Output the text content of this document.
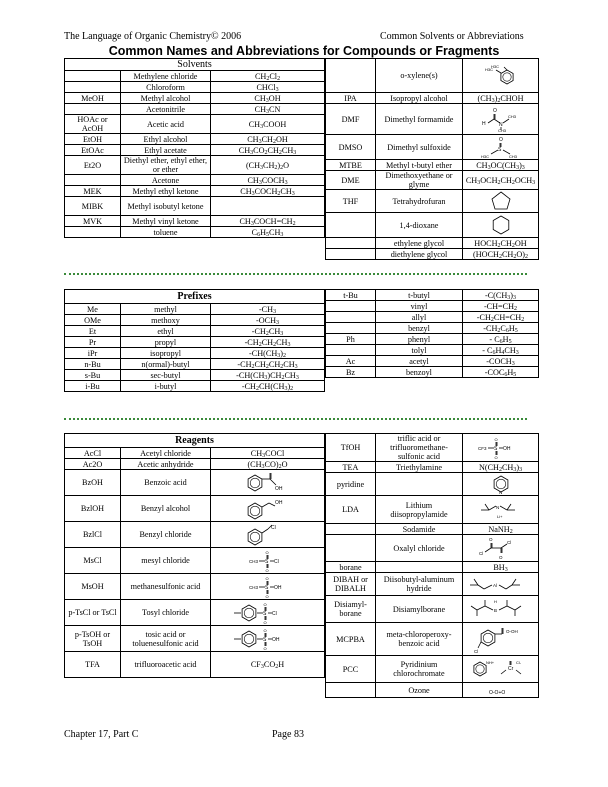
The Language of Organic Chemistry© 2006	Common Solvents or Abbreviations
Common Names and Abbreviations for Compounds or Fragments
Solvents		
	Methylene chloride	$CH_2Cl_2$
	Chloroform	CHCl$_3$
MeOH	Methyl alcohol	$CH_3OH$
	Acetonitrile	$CH_3CN$
HOAc or AcOH	Acetic acid	$CH_3COOH$
EtOH	Ethyl alcohol	$CH_3CH_2OH$
EtOAc	Ethyl acetate	$CH_3CO_2CH_2CH_3$
Et2O	Diethyl ether, ethyl ether, or ether	$(CH_3CH_2)_2O$
	Acetone	$CH_3COCH_3$
MEK	Methyl ethyl ketone	$CH_3COCH_2CH_3$
MIBK	Methyl isobutyl ketone	
MVK	Methyl vinyl ketone	$CH_3COCH=CH_2$
	toluene	$C_6H_5CH_3$
	o-xylene(s)	H3C
H3C

IPA	Isopropyl alcohol	$(CH_3)_2CHOH$
DMF	Dimethyl formamide	O
H N
CH3
CH3

DMSO	Dimethyl sulfoxide	O
S
H3C CH3

MTBE	Methyl t-butyl ether	$CH_3OC(CH_3)_3$
DME	Dimethoxyethane or glyme	$CH_3OCH_2CH_2OCH_3$
THF	Tetrahydrofuran	

	1,4-dioxane	

	ethylene glycol	$HOCH_2CH_2OH$
	diethylene glycol	$(HOCH_2CH_2O)_2$
Prefixes		
Me	methyl	$-CH_3$
OMe	methoxy	$-OCH_3$
Et	ethyl	$-CH_2CH_3$
Pr	propyl	$-CH_2CH_2CH_3$
iPr	isopropyl	$-CH(CH_3)_2$
n-Bu	n(ormal)-butyl	$-CH_2CH_2CH_2CH_3$
s-Bu	sec-butyl	$-CH(CH_3)CH_2CH_3$
i-Bu	i-butyl	$-CH_2CH(CH_3)_2$
t-Bu	t-butyl	$-C(CH_3)_3$
	vinyl	$-CH=CH_2$
	allyl	$-CH_2CH=CH_2$
	benzyl	$-CH_2C_6H_5$
Ph	phenyl	- $C_6H_5$
	tolyl	- $C_6H_4CH_3$
Ac	acetyl	$-COCH_3$
Bz	benzoyl	$-COC_6H_5$
Reagents		
AcCl	Acetyl chloride	$CH_3COCl$
Ac2O	Acetic anhydride	$(CH_3CO)_2O$
BzOH	Benzoic acid	OH

BzlOH	Benzyl alcohol	OH

BzlCl	Benzyl chloride	Cl

MsCl	mesyl chloride	CH3 S
O
O
Cl

MsOH	methanesulfonic acid	CH3 S
O
O
OH

p-TsCl or TsCl	Tosyl chloride	S
O
O
Cl

p-TsOH or TsOH	tosic acid or toluenesulfonic acid	S
O
O
OH

TFA	trifluoroacetic acid	$CF_3CO_2H$
TfOH	triflic acid or trifluoromethane-sulfonic acid	CF3 S
O
O
OH

TEA	Triethylamine	$N(CH_2CH_3)_3$
pyridine		N

LDA	Lithium diisopropylamide	N
Li+

	Sodamide	NaNH$_2$
	Oxalyl chloride	O
Cl
O
Cl

borane		$BH_3$
DIBAH or DIBALH	Diisobutyl-aluminum hydride	Al

Disiamyl-borane	Disiamylborane	B
H

MCPBA	meta-chloroperoxy-benzoic acid	O-OH
Cl

PCC	Pyridinium chlorochromate	NH+
Cr
Cl-

	Ozone	O-O+O
Chapter 17, Part C	Page 83
